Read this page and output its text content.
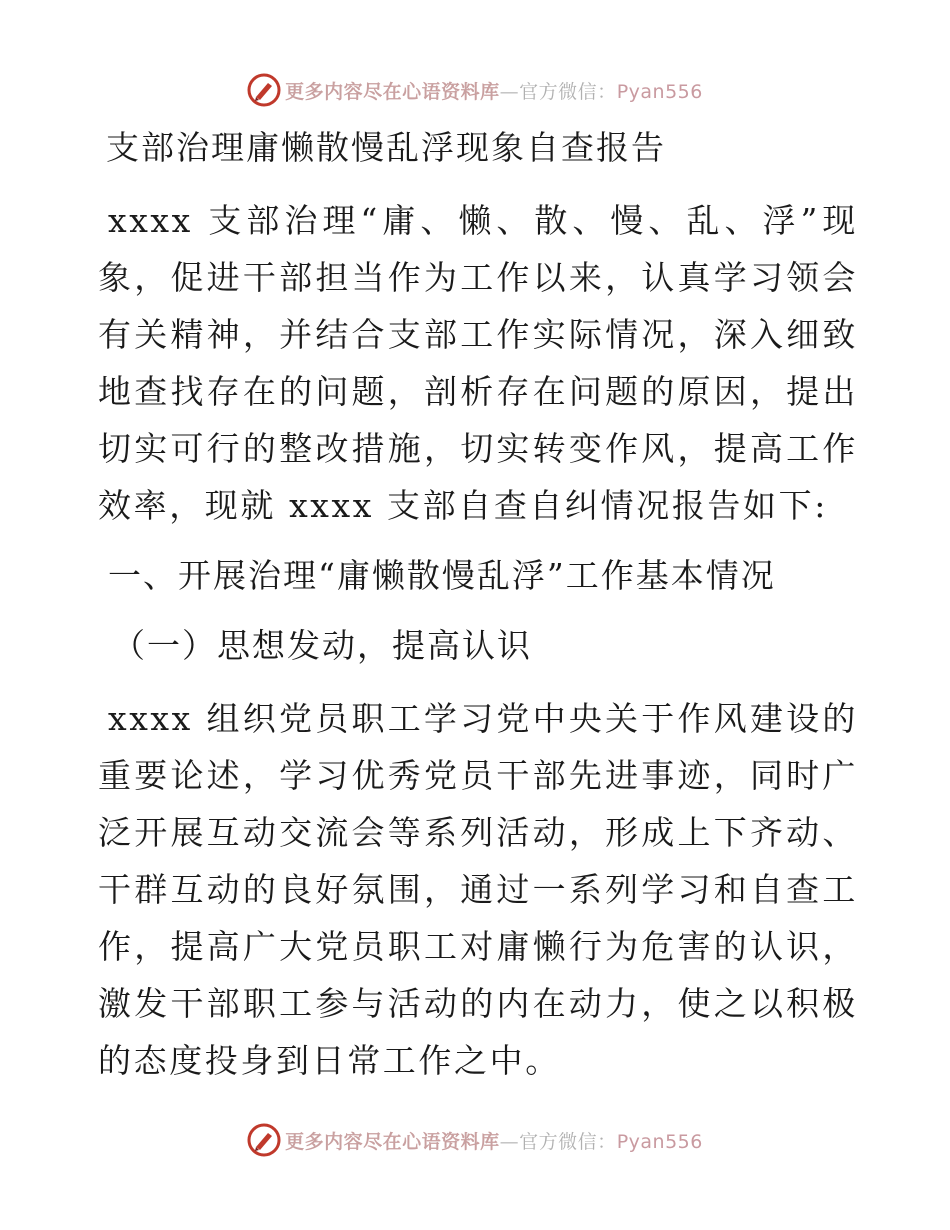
更多内容尽在心语资料库—官方微信：Pyan556
支部治理庸懒散慢乱浮现象自查报告

xxxx 支部治理“庸、懒、散、慢、乱、浮”现象，促进干部担当作为工作以来，认真学习领会有关精神，并结合支部工作实际情况，深入细致地查找存在的问题，剖析存在问题的原因，提出切实可行的整改措施，切实转变作风，提高工作效率，现就 xxxx 支部自查自纠情况报告如下:

一、开展治理“庸懒散慢乱浮”工作基本情况
（一）思想发动，提高认识

xxxx 组织党员职工学习党中央关于作风建设的重要论述，学习优秀党员干部先进事迹，同时广泛开展互动交流会等系列活动，形成上下齐动、干群互动的良好氛围，通过一系列学习和自查工作，提高广大党员职工对庸懒行为危害的认识，激发干部职工参与活动的内在动力，使之以积极的态度投身到日常工作之中。

更多内容尽在心语资料库—官方微信：Pyan556
